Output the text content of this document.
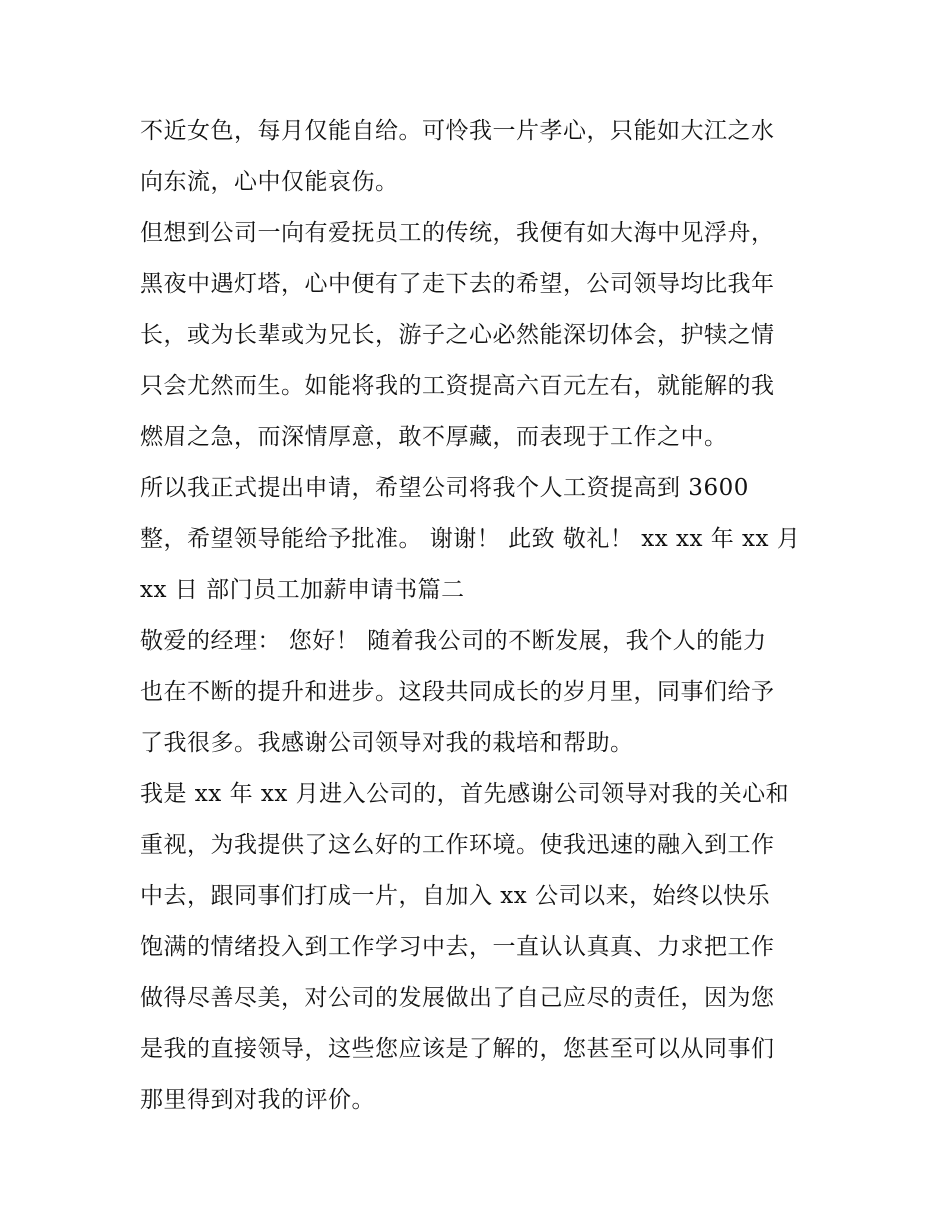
不近女色，每月仅能自给。可怜我一片孝心，只能如大江之水
向东流，心中仅能哀伤。
但想到公司一向有爱抚员工的传统，我便有如大海中见浮舟，
黑夜中遇灯塔，心中便有了走下去的希望，公司领导均比我年
长，或为长辈或为兄长，游子之心必然能深切体会，护犊之情
只会尤然而生。如能将我的工资提高六百元左右，就能解的我
燃眉之急，而深情厚意，敢不厚藏，而表现于工作之中。
所以我正式提出申请，希望公司将我个人工资提高到 3600
整，希望领导能给予批准。 谢谢！ 此致 敬礼！ xx xx 年 xx 月
xx 日 部门员工加薪申请书篇二
敬爱的经理： 您好！ 随着我公司的不断发展，我个人的能力
也在不断的提升和进步。这段共同成长的岁月里，同事们给予
了我很多。我感谢公司领导对我的栽培和帮助。
我是 xx 年 xx 月进入公司的，首先感谢公司领导对我的关心和
重视，为我提供了这么好的工作环境。使我迅速的融入到工作
中去，跟同事们打成一片，自加入 xx 公司以来，始终以快乐
饱满的情绪投入到工作学习中去，一直认认真真、力求把工作
做得尽善尽美，对公司的发展做出了自己应尽的责任，因为您
是我的直接领导，这些您应该是了解的，您甚至可以从同事们
那里得到对我的评价。
